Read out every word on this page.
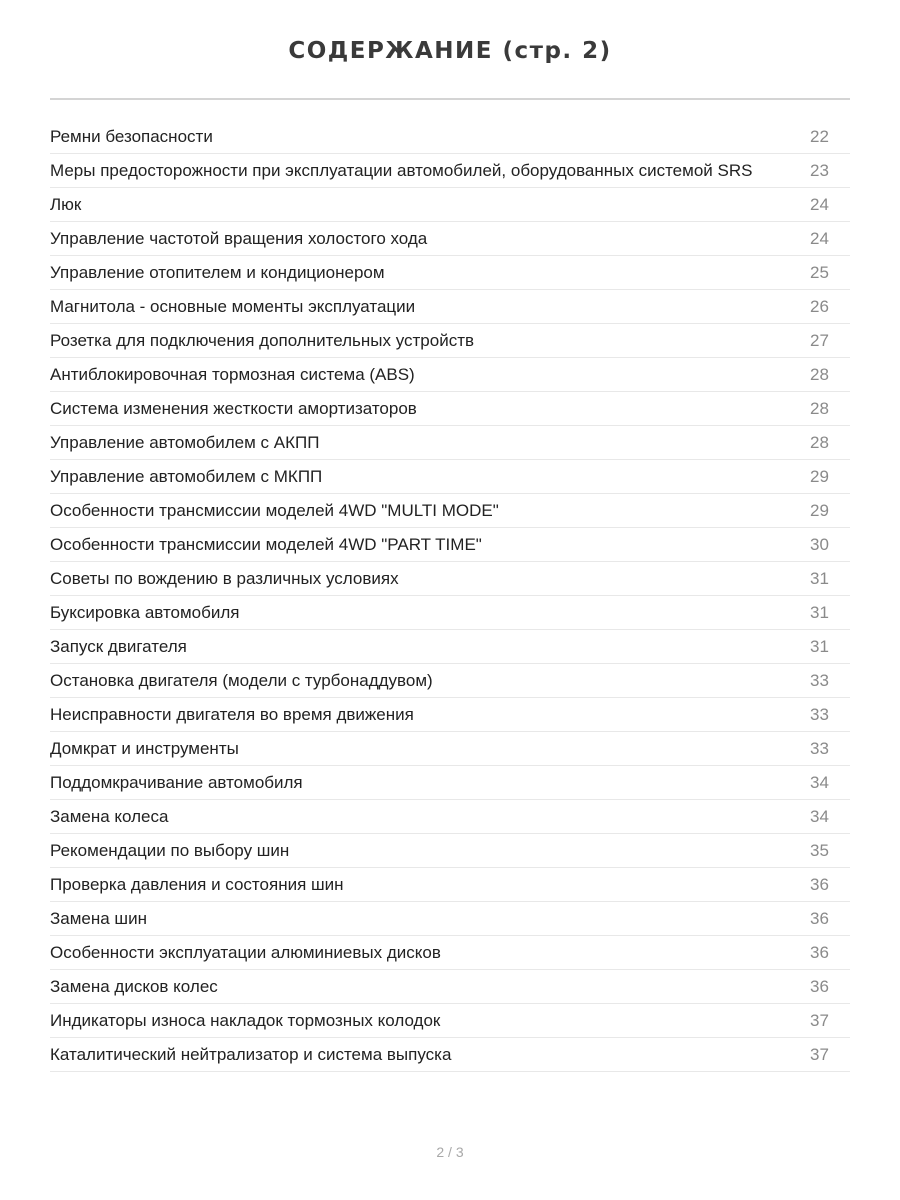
СОДЕРЖАНИЕ (стр. 2)
Ремни безопасности	22
Меры предосторожности при эксплуатации автомобилей, оборудованных системой SRS	23
Люк	24
Управление частотой вращения холостого хода	24
Управление отопителем и кондиционером	25
Магнитола - основные моменты эксплуатации	26
Розетка для подключения дополнительных устройств	27
Антиблокировочная тормозная система (ABS)	28
Система изменения жесткости амортизаторов	28
Управление автомобилем с АКПП	28
Управление автомобилем с МКПП	29
Особенности трансмиссии моделей 4WD "MULTI MODE"	29
Особенности трансмиссии моделей 4WD "PART TIME"	30
Советы по вождению в различных условиях	31
Буксировка автомобиля	31
Запуск двигателя	31
Остановка двигателя (модели с турбонаддувом)	33
Неисправности двигателя во время движения	33
Домкрат и инструменты	33
Поддомкрачивание автомобиля	34
Замена колеса	34
Рекомендации по выбору шин	35
Проверка давления и состояния шин	36
Замена шин	36
Особенности эксплуатации алюминиевых дисков	36
Замена дисков колес	36
Индикаторы износа накладок тормозных колодок	37
Каталитический нейтрализатор и система выпуска	37
2 / 3
